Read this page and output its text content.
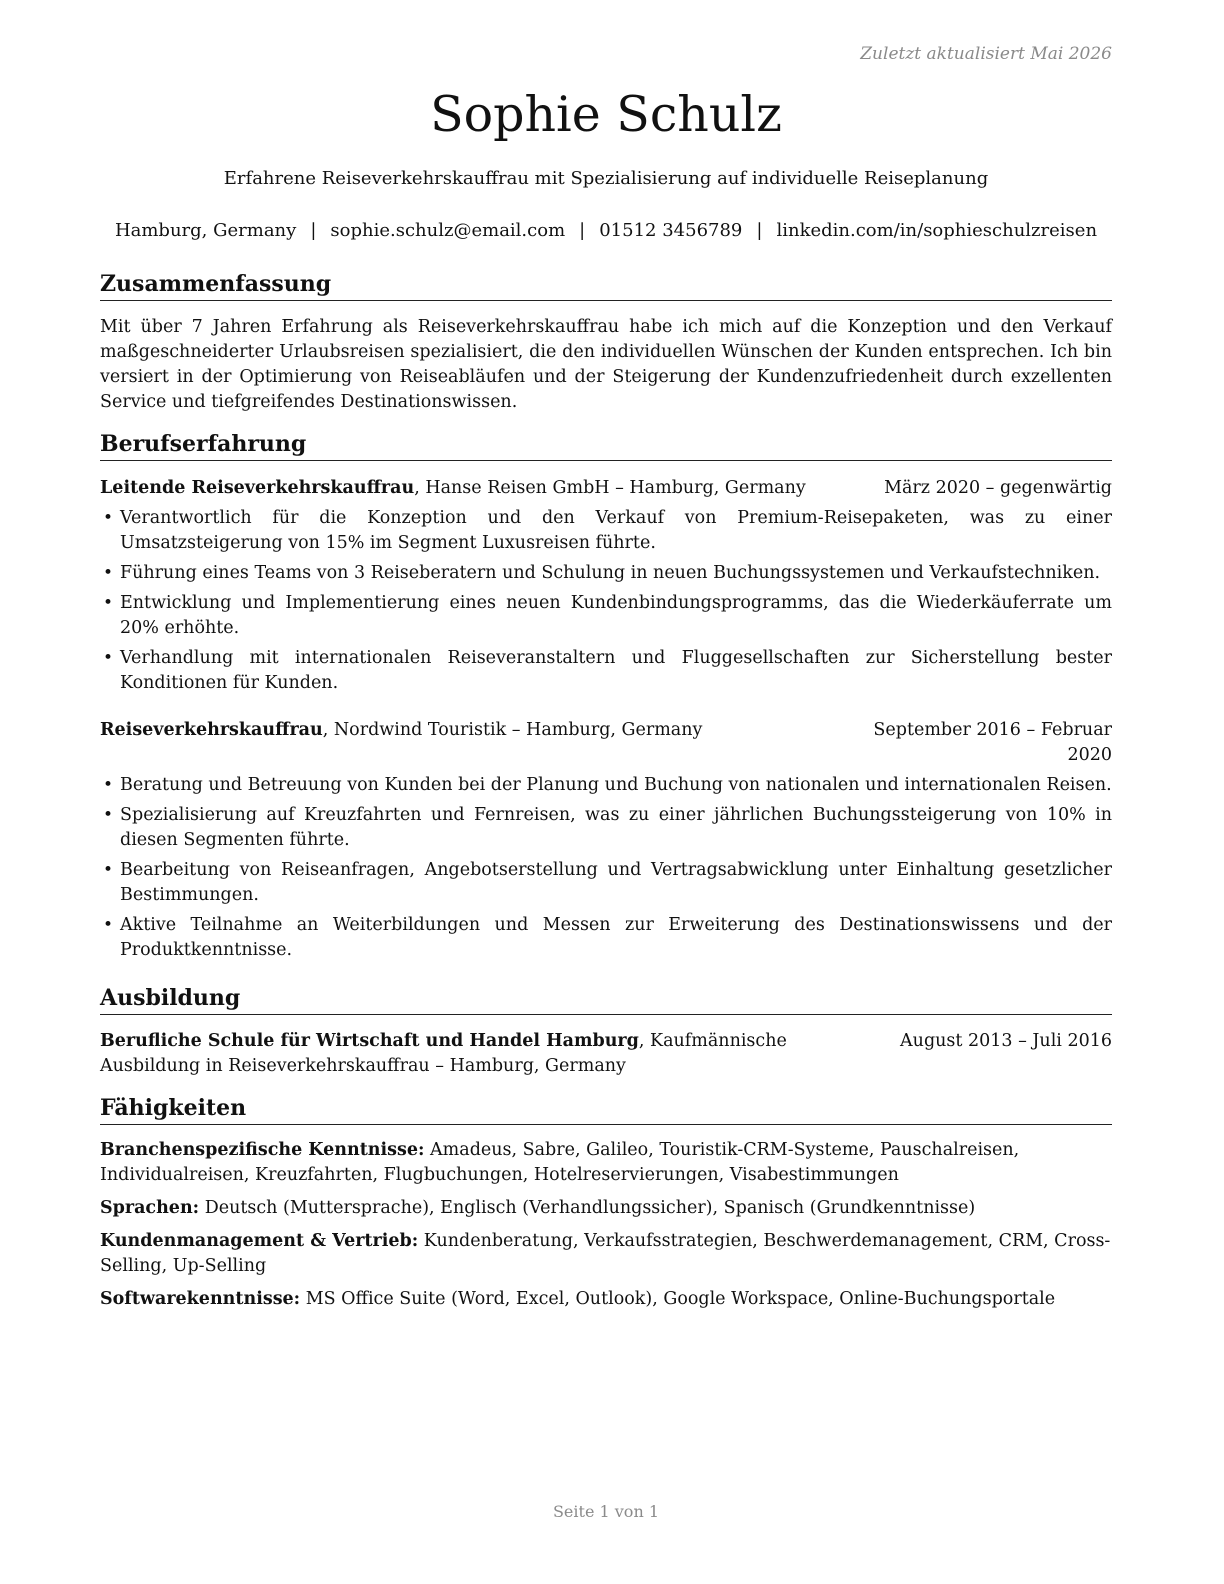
Zuletzt aktualisiert Mai 2026
Sophie Schulz
Erfahrene Reiseverkehrskauffrau mit Spezialisierung auf individuelle Reiseplanung
Hamburg, Germany | sophie.schulz@email.com | 01512 3456789 | linkedin.com/in/sophieschulzreisen
Zusammenfassung

Mit über 7 Jahren Erfahrung als Reiseverkehrskauffrau habe ich mich auf die Konzeption und den Verkauf maßgeschneiderter Urlaubsreisen spezialisiert, die den individuellen Wünschen der Kunden entsprechen. Ich bin versiert in der Optimierung von Reiseabläufen und der Steigerung der Kundenzufriedenheit durch exzellenten Service und tiefgreifendes Destinationswissen.

Berufserfahrung
Leitende Reiseverkehrskauffrau, Hanse Reisen GmbH – Hamburg, Germany	März 2020 – gegenwärtig
• Verantwortlich für die Konzeption und den Verkauf von Premium-Reisepaketen, was zu einer Umsatzsteigerung von 15% im Segment Luxusreisen führte.
• Führung eines Teams von 3 Reiseberatern und Schulung in neuen Buchungssystemen und Verkaufstechniken.
• Entwicklung und Implementierung eines neuen Kundenbindungsprogramms, das die Wiederkäuferrate um 20% erhöhte.
• Verhandlung mit internationalen Reiseveranstaltern und Fluggesellschaften zur Sicherstellung bester Konditionen für Kunden.
Reiseverkehrskauffrau, Nordwind Touristik – Hamburg, Germany	September 2016 – Februar 2020
• Beratung und Betreuung von Kunden bei der Planung und Buchung von nationalen und internationalen Reisen.
• Spezialisierung auf Kreuzfahrten und Fernreisen, was zu einer jährlichen Buchungssteigerung von 10% in diesen Segmenten führte.
• Bearbeitung von Reiseanfragen, Angebotserstellung und Vertragsabwicklung unter Einhaltung gesetzlicher Bestimmungen.
• Aktive Teilnahme an Weiterbildungen und Messen zur Erweiterung des Destinationswissens und der Produktkenntnisse.
Ausbildung
Berufliche Schule für Wirtschaft und Handel Hamburg, Kaufmännische Ausbildung in Reiseverkehrskauffrau – Hamburg, Germany
August 2013 – Juli 2016
Fähigkeiten
Branchenspezifische Kenntnisse: Amadeus, Sabre, Galileo, Touristik-CRM-Systeme, Pauschalreisen, Individualreisen, Kreuzfahrten, Flugbuchungen, Hotelreservierungen, Visabestimmungen
Sprachen: Deutsch (Muttersprache), Englisch (Verhandlungssicher), Spanisch (Grundkenntnisse)
Kundenmanagement & Vertrieb: Kundenberatung, Verkaufsstrategien, Beschwerdemanagement, CRM, Cross-Selling, Up-Selling
Softwarekenntnisse: MS Office Suite (Word, Excel, Outlook), Google Workspace, Online-Buchungsportale
Seite 1 von 1
